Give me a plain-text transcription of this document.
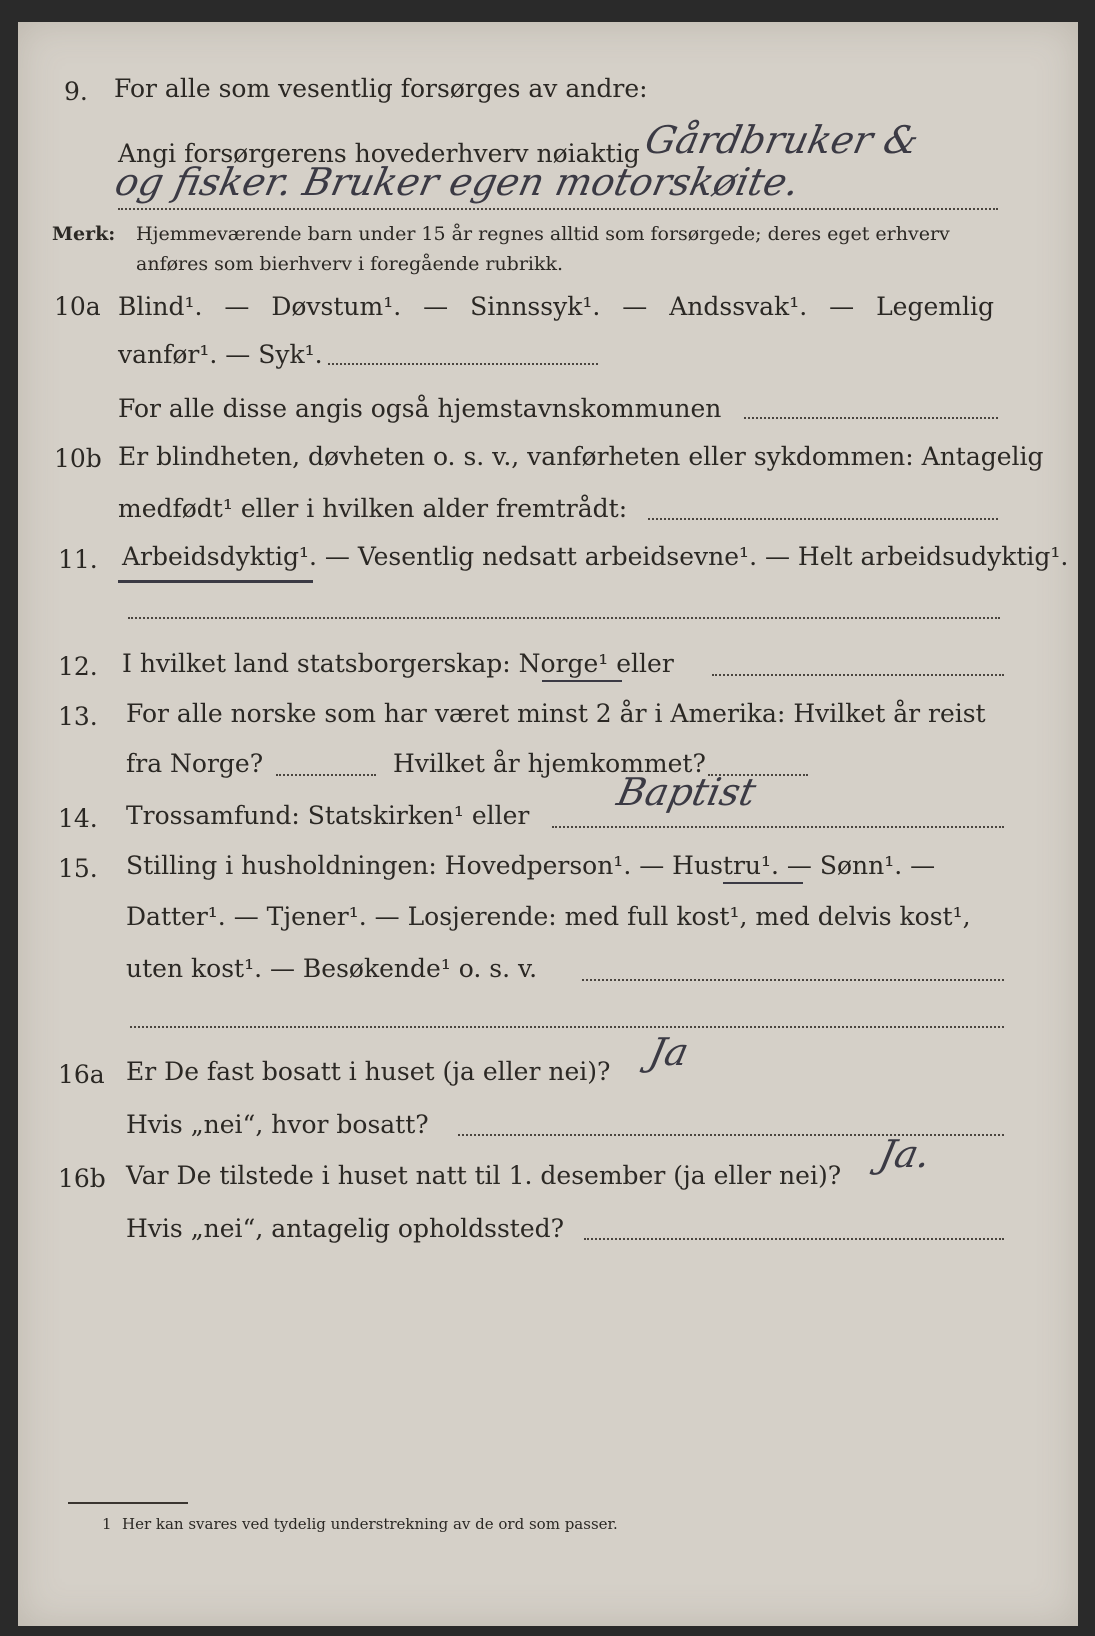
9. For alle som vesentlig forsørges av andre:
Angi forsørgerens hovederhverv nøiaktig Gårdbruker &
og fisker. Bruker egen motorskøite.
Merk: Hjemmeværende barn under 15 år regnes alltid som forsørgede; deres eget erhverv
anføres som bierhverv i foregående rubrikk.
10a Blind¹. — Døvstum¹. — Sinnssyk¹. — Andssvak¹. — Legemlig
vanfør¹. — Syk¹.
For alle disse angis også hjemstavnskommunen
10b Er blindheten, døvheten o. s. v., vanførheten eller sykdommen: Antagelig
medfødt¹ eller i hvilken alder fremtrådt:
11. Arbeidsdyktig¹. — Vesentlig nedsatt arbeidsevne¹. — Helt arbeidsudyktig¹.
12. I hvilket land statsborgerskap: Norge¹ eller
13. For alle norske som har været minst 2 år i Amerika: Hvilket år reist
fra Norge?	Hvilket år hjemkommet?
14. Trossamfund: Statskirken¹ eller
Baptist
15. Stilling i husholdningen: Hovedperson¹. — Hustru¹. — Sønn¹. —
Datter¹. — Tjener¹. — Losjerende: med full kost¹, med delvis kost¹,
uten kost¹. — Besøkende¹ o. s. v.
16a Er De fast bosatt i huset (ja eller nei)? Ja
Hvis „nei“, hvor bosatt?
16b Var De tilstede i huset natt til 1. desember (ja eller nei)? Ja.
Hvis „nei“, antagelig opholdssted?
1 Her kan svares ved tydelig understrekning av de ord som passer.
